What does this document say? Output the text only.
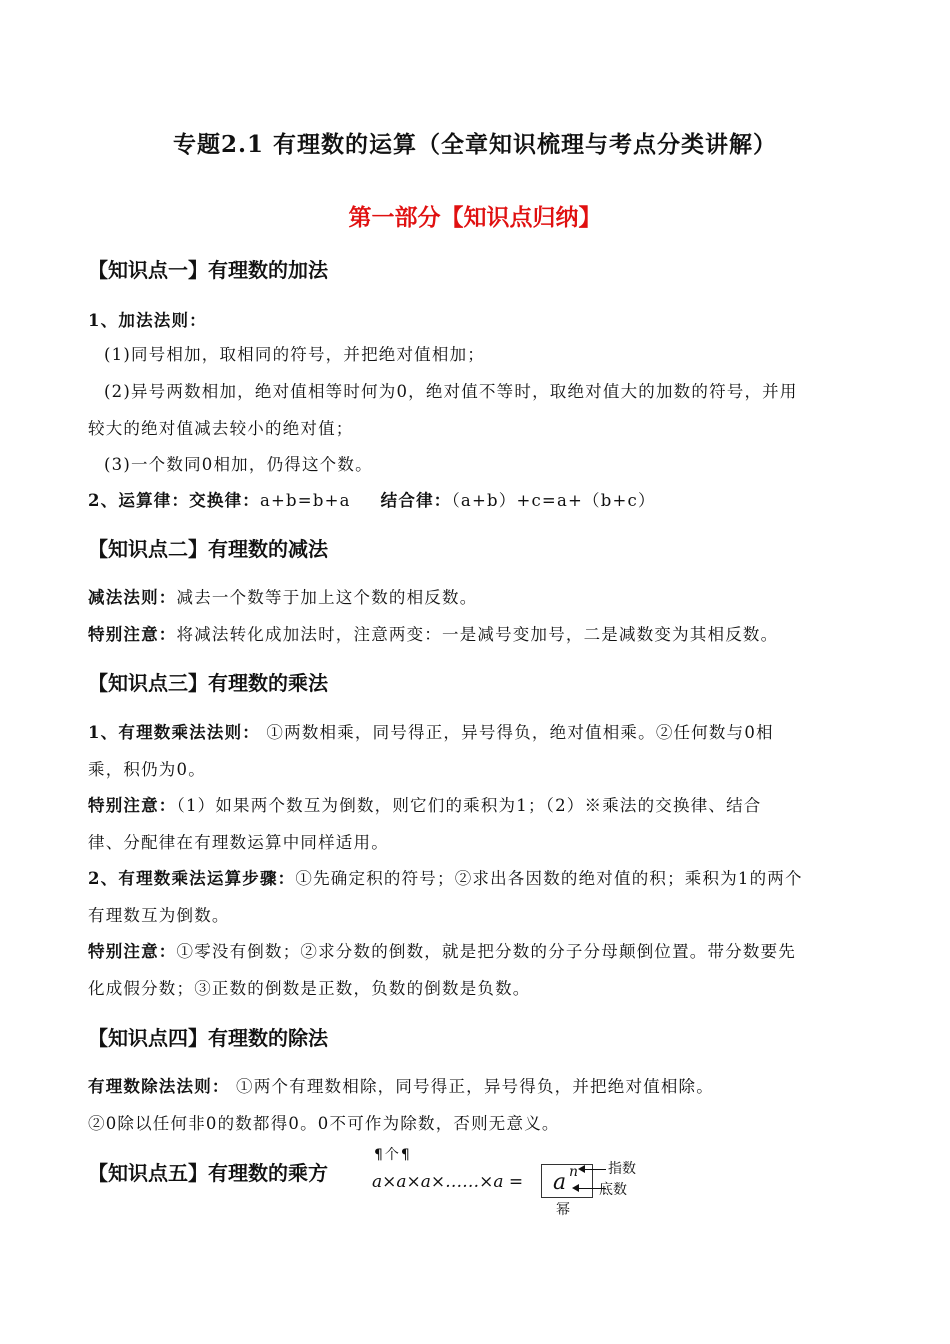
专题2.1 有理数的运算（全章知识梳理与考点分类讲解）
第一部分【知识点归纳】
【知识点一】有理数的加法
1、加法法则：
(1)同号相加，取相同的符号，并把绝对值相加；
(2)异号两数相加，绝对值相等时何为0，绝对值不等时，取绝对值大的加数的符号，并用
较大的绝对值减去较小的绝对值；
(3)一个数同0相加，仍得这个数。
2、运算律：交换律：a+b=b+a 结合律：（a+b）+c=a+（b+c）
【知识点二】有理数的减法
减法法则：减去一个数等于加上这个数的相反数。
特别注意：将减法转化成加法时，注意两变：一是减号变加号，二是减数变为其相反数。
【知识点三】有理数的乘法
1、有理数乘法法则： ①两数相乘，同号得正，异号得负，绝对值相乘。②任何数与0相
乘，积仍为0。
特别注意：（1）如果两个数互为倒数，则它们的乘积为1；（2）※乘法的交换律、结合
律、分配律在有理数运算中同样适用。
2、有理数乘法运算步骤：①先确定积的符号；②求出各因数的绝对值的积；乘积为1的两个
有理数互为倒数。
特别注意：①零没有倒数；②求分数的倒数，就是把分数的分子分母颠倒位置。带分数要先
化成假分数；③正数的倒数是正数，负数的倒数是负数。
【知识点四】有理数的除法
有理数除法法则： ①两个有理数相除，同号得正，异号得负，并把绝对值相除。
②0除以任何非0的数都得0。0不可作为除数，否则无意义。
【知识点五】有理数的乘方
¶个¶
a×a×a×……×a = a n 指数
底数
幂
